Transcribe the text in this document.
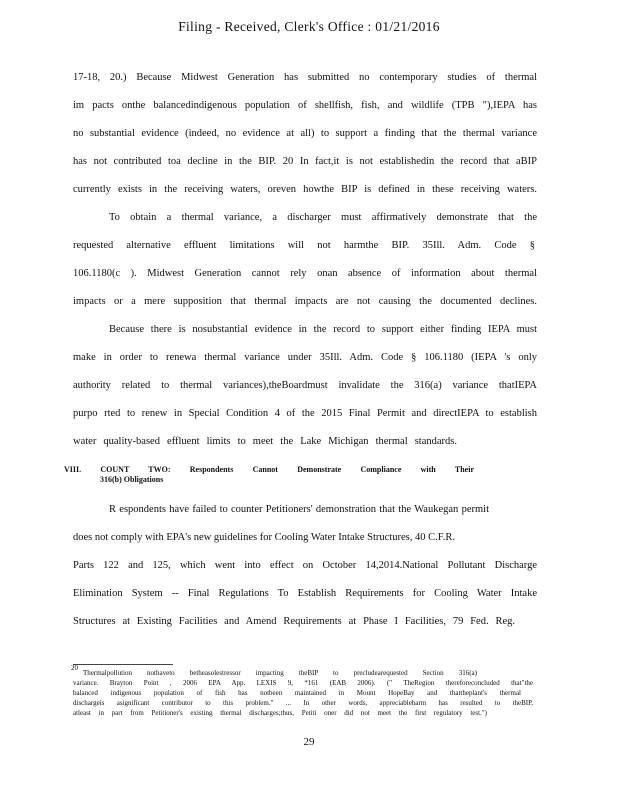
Filing - Received, Clerk's Office : 01/21/2016
17-18, 20.) Because Midwest Generation has submitted no contemporary studies of thermal
im pacts onthe balancedindigenous population of shellfish, fish, and wildlife (TPB "),IEPA has
no substantial evidence (indeed, no evidence at all) to support a finding that the thermal variance
has not contributed toa decline in the BIP. 20 In fact,it is not establishedin the record that aBIP
currently exists in the receiving waters, oreven howthe BIP is defined in these receiving waters.
To obtain a thermal variance, a discharger must affirmatively demonstrate that the
requested alternative effluent limitations will not harmthe BIP. 35Ill. Adm. Code §
106.1180(c ). Midwest Generation cannot rely onan absence of information about thermal
impacts or a mere supposition that thermal impacts are not causing the documented declines.
Because there is nosubstantial evidence in the record to support either finding IEPA must
make in order to renewa thermal variance under 35Ill. Adm. Code § 106.1180 (IEPA 's only
authority related to thermal variances),theBoardmust invalidate the 316(a) variance thatIEPA
purpo rted to renew in Special Condition 4 of the 2015 Final Permit and directIEPA to establish
water quality-based effluent limits to meet the Lake Michigan thermal standards.
VIII. COUNT TWO: Respondents Cannot Demonstrate Compliance with Their
316(b) Obligations
R espondents have failed to counter Petitioners' demonstration that the Waukegan permit
does not comply with EPA's new guidelines for Cooling Water Intake Structures, 40 C.F.R.
Parts 122 and 125, which went into effect on October 14,2014.National Pollutant Discharge
Elimination System -- Final Regulations To Establish Requirements for Cooling Water Intake
Structures at Existing Facilities and Amend Requirements at Phase I Facilities, 79 Fed. Reg.
20
Thermalpollution nothaveto betheasolestressor impacting theBIP to precludearequested Section 316(a)
variance. Brayton Point , 2006 EPA App. LEXIS 9, *161 (EAB 2006). (" TheRegion thereforeconcluded that"the
balanced indigenous population of fish has notbeen maintained in Mount HopeBay and thattheplant's thermal
dischargeis asignificant contributor to this problem." ... In other words, appreciableharm has resulted to theBIP,
atleast in part from Petitioner's existing thermal discharges;thus, Petiti oner did not meet the first regulatory test.")
29
